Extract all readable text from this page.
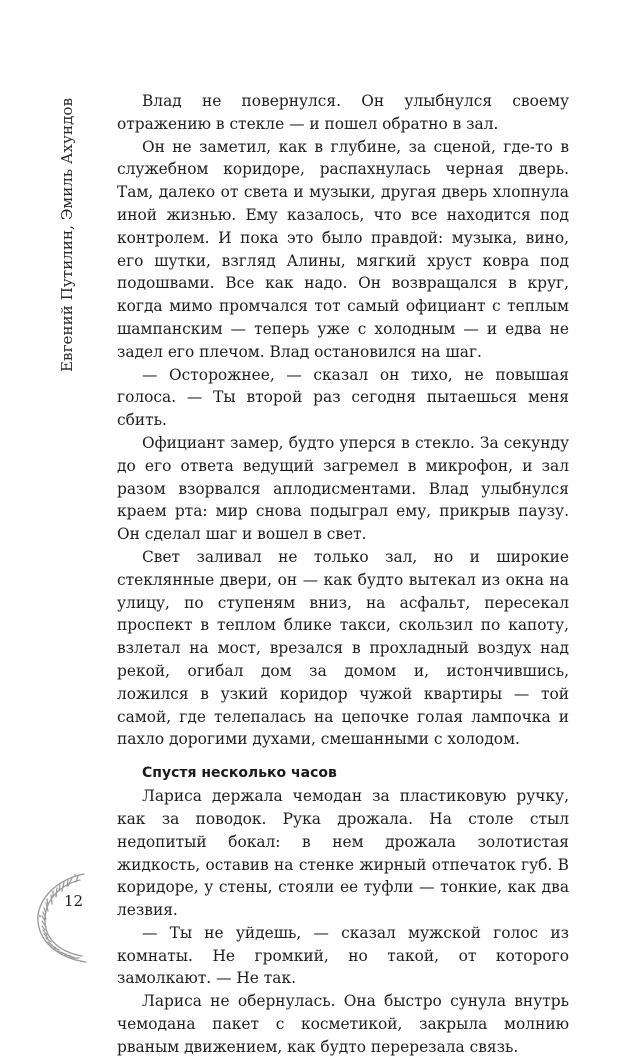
Евгений Путилин, Эмиль Ахундов	Влад не повернулся. Он улыбнулся своему отражению в стекле — и пошел обратно в зал.

Он не заметил, как в глубине, за сценой, где-то в служебном коридоре, распахнулась черная дверь. Там, далеко от света и музыки, другая дверь хлопнула иной жизнью. Ему казалось, что все находится под контролем. И пока это было правдой: музыка, вино, его шутки, взгляд Алины, мягкий хруст ковра под подошвами. Все как надо. Он возвращался в круг, когда мимо промчался тот самый официант с теплым шампанским — теперь уже с холодным — и едва не задел его плечом. Влад остановился на шаг.

— Осторожнее, — сказал он тихо, не повышая голоса. — Ты второй раз сегодня пытаешься меня сбить.

Официант замер, будто уперся в стекло. За секунду до его ответа ведущий загремел в микрофон, и зал разом взорвался аплодисментами. Влад улыбнулся краем рта: мир снова подыграл ему, прикрыв паузу. Он сделал шаг и вошел в свет.

Свет заливал не только зал, но и широкие стеклянные двери, он — как будто вытекал из окна на улицу, по ступеням вниз, на асфальт, пересекал проспект в теплом блике такси, скользил по капоту, взлетал на мост, врезался в прохладный воздух над рекой, огибал дом за домом и, истончившись, ложился в узкий коридор чужой квартиры — той самой, где телепалась на цепочке голая лампочка и пахло дорогими духами, смешанными с холодом.

Спустя несколько часов

Лариса держала чемодан за пластиковую ручку, как за поводок. Рука дрожала. На столе стыл недопитый бокал: в нем дрожала золотистая жидкость, оставив на стенке жирный отпечаток губ. В коридоре, у стены, стояли ее туфли — тонкие, как два лезвия.

— Ты не уйдешь, — сказал мужской голос из комнаты. Не громкий, но такой, от которого замолкают. — Не так.

Лариса не обернулась. Она быстро сунула внутрь чемодана пакет с косметикой, закрыла молнию рваным движением, как будто перерезала связь.

12
